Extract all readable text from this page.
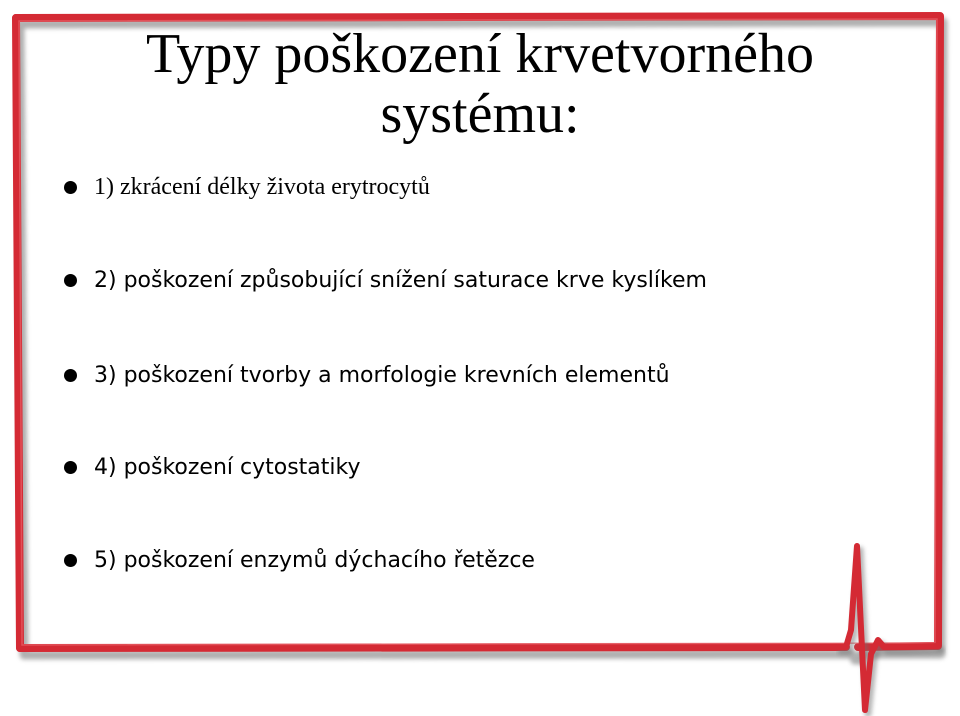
Typy poškození krvetvorného systému:
1) zkrácení délky života erytrocytů
2) poškození způsobující snížení saturace krve kyslíkem
3) poškození tvorby a morfologie krevních elementů
4) poškození cytostatiky
5) poškození enzymů dýchacího řetězce
